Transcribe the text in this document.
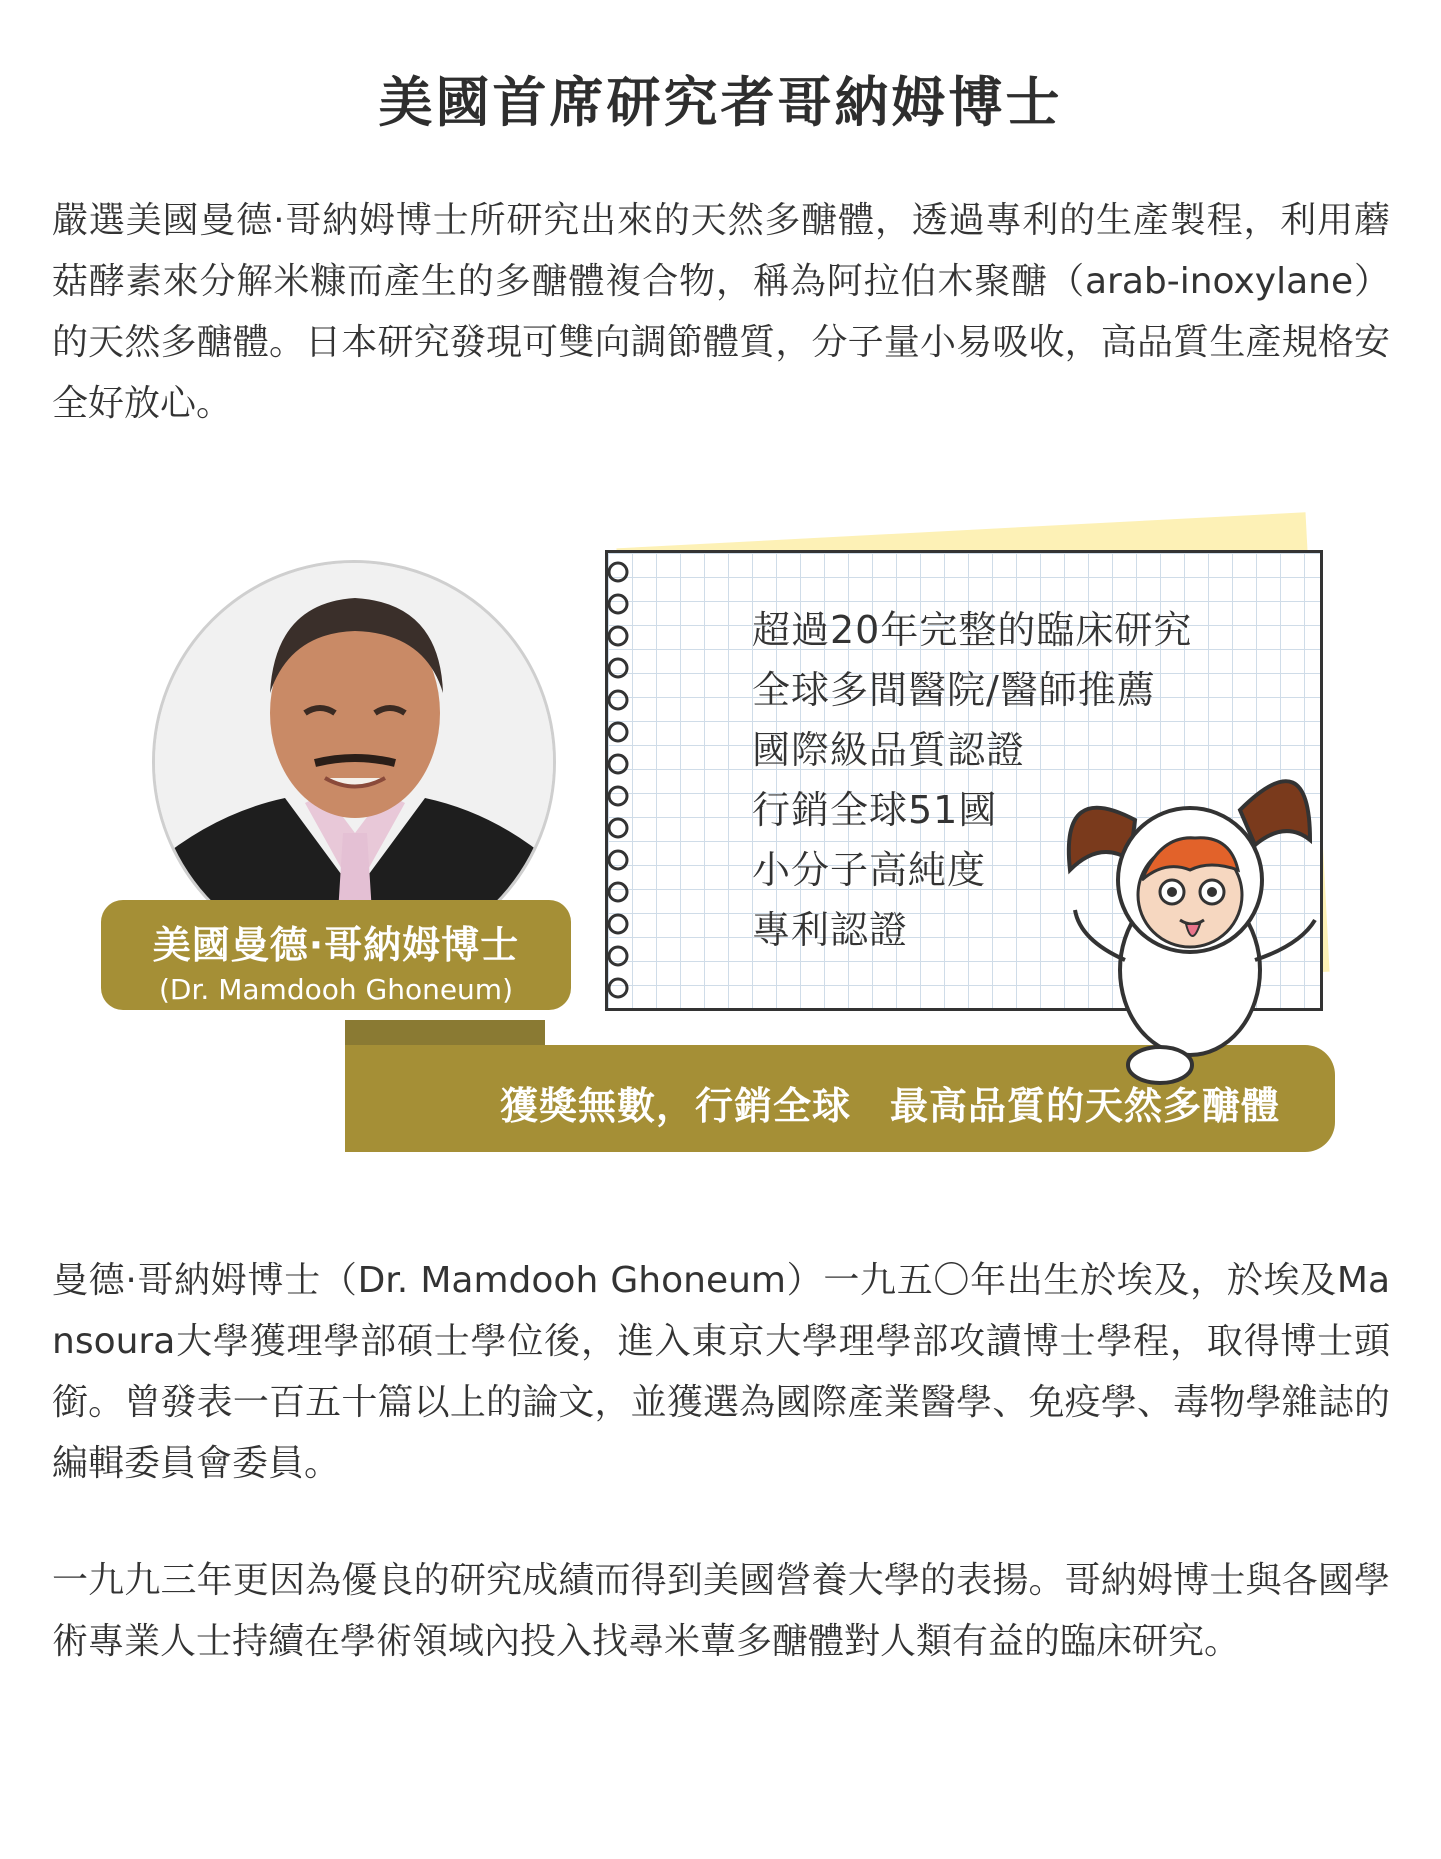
美國首席研究者哥納姆博士

嚴選美國曼德·哥納姆博士所研究出來的天然多醣體，透過專利的生產製程，利用蘑菇酵素來分解米糠而產生的多醣體複合物，稱為阿拉伯木聚醣（arab-inoxylane）的天然多醣體。日本研究發現可雙向調節體質，分子量小易吸收，高品質生產規格安全好放心。

美國曼德·哥納姆博士
(Dr. Mamdooh Ghoneum)
超過20年完整的臨床研究
全球多間醫院/醫師推薦
國際級品質認證
行銷全球51國
小分子高純度
專利認證
獲獎無數，行銷全球　最高品質的天然多醣體

曼德·哥納姆博士（Dr. Mamdooh Ghoneum）一九五〇年出生於埃及，於埃及Mansoura大學獲理學部碩士學位後，進入東京大學理學部攻讀博士學程，取得博士頭銜。曾發表一百五十篇以上的論文，並獲選為國際產業醫學、免疫學、毒物學雜誌的編輯委員會委員。

一九九三年更因為優良的研究成績而得到美國營養大學的表揚。哥納姆博士與各國學術專業人士持續在學術領域內投入找尋米蕈多醣體對人類有益的臨床研究。
